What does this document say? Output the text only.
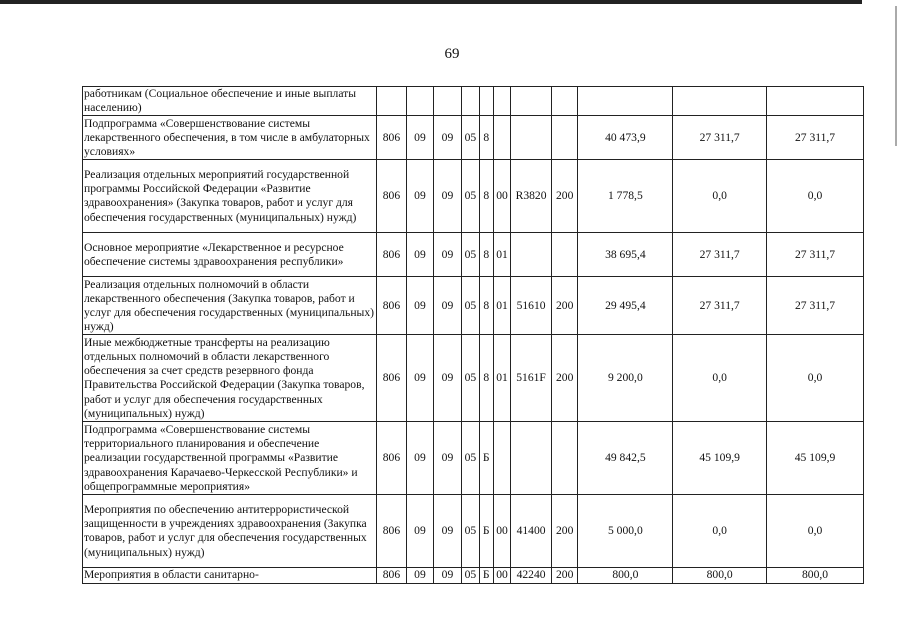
69
работникам (Социальное обеспечение и иные выплаты населению)											
Подпрограмма «Совершенствование системы лекарственного обеспечения, в том числе в амбулаторных условиях»	806	09	09	05	8				40 473,9	27 311,7	27 311,7
Реализация отдельных мероприятий государственной программы Российской Федерации «Развитие здравоохранения» (Закупка товаров, работ и услуг для обеспечения государственных (муниципальных) нужд)	806	09	09	05	8	00	R3820	200	1 778,5	0,0	0,0
Основное мероприятие «Лекарственное и ресурсное обеспечение системы здравоохранения республики»	806	09	09	05	8	01			38 695,4	27 311,7	27 311,7
Реализация отдельных полномочий в области лекарственного обеспечения (Закупка товаров, работ и услуг для обеспечения государственных (муниципальных) нужд)	806	09	09	05	8	01	51610	200	29 495,4	27 311,7	27 311,7
Иные межбюджетные трансферты на реализацию отдельных полномочий в области лекарственного обеспечения за счет средств резервного фонда Правительства Российской Федерации (Закупка товаров, работ и услуг для обеспечения государственных (муниципальных) нужд)	806	09	09	05	8	01	5161F	200	9 200,0	0,0	0,0
Подпрограмма «Совершенствование системы территориального планирования и обеспечение реализации государственной программы «Развитие здравоохранения Карачаево-Черкесской Республики» и общепрограммные мероприятия»	806	09	09	05	Б				49 842,5	45 109,9	45 109,9
Мероприятия по обеспечению антитеррористической защищенности в учреждениях здравоохранения (Закупка товаров, работ и услуг для обеспечения государственных (муниципальных) нужд)	806	09	09	05	Б	00	41400	200	5 000,0	0,0	0,0
Мероприятия в области санитарно-	806	09	09	05	Б	00	42240	200	800,0	800,0	800,0
